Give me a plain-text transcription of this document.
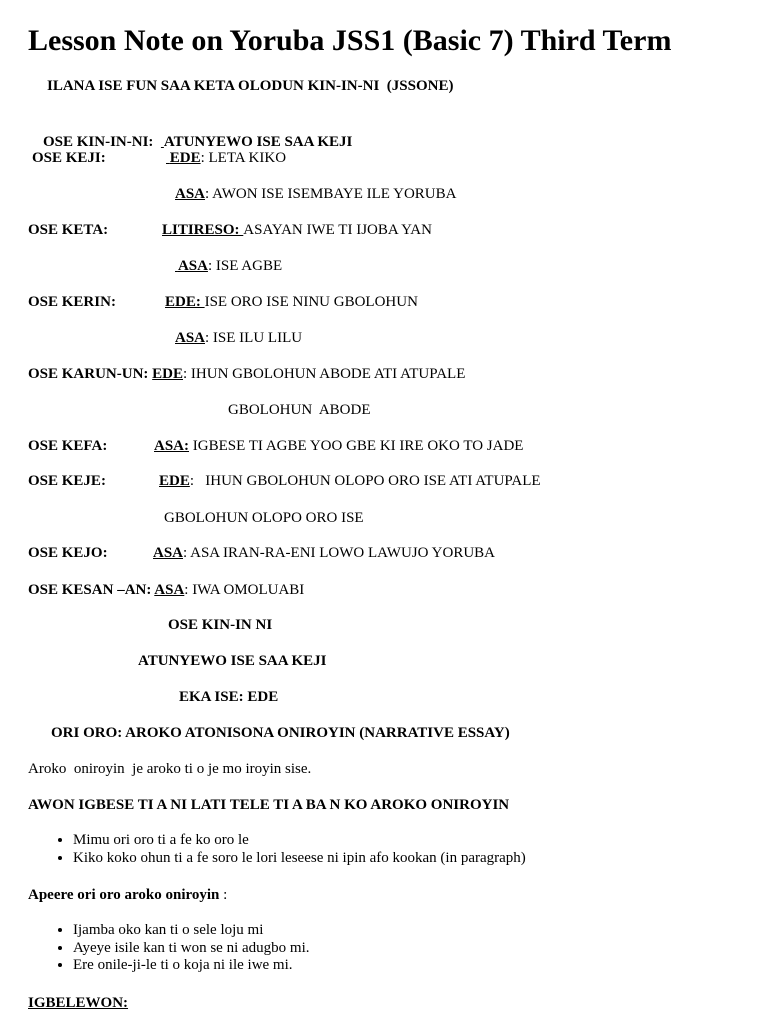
Lesson Note on Yoruba JSS1 (Basic 7) Third Term
ILANA ISE FUN SAA KETA OLODUN KIN-IN-NI  (JSSONE)

OSE KIN-IN-NI: ATUNYEWO ISE SAA KEJI

OSE KEJI:	EDE: LETA KIKO
ASA: AWON ISE ISEMBAYE ILE YORUBA
OSE KETA:	LITIRESO: ASAYAN IWE TI IJOBA YAN
ASA: ISE AGBE
OSE KERIN:	EDE: ISE ORO ISE NINU GBOLOHUN
ASA: ISE ILU LILU
OSE KARUN-UN: EDE: IHUN GBOLOHUN ABODE ATI ATUPALE
GBOLOHUN  ABODE
OSE KEFA:	ASA: IGBESE TI AGBE YOO GBE KI IRE OKO TO JADE
OSE KEJE:	EDE:   IHUN GBOLOHUN OLOPO ORO ISE ATI ATUPALE
GBOLOHUN OLOPO ORO ISE
OSE KEJO:	ASA: ASA IRAN-RA-ENI LOWO LAWUJO YORUBA
OSE KESAN –AN: ASA: IWA OMOLUABI
OSE KIN-IN NI
ATUNYEWO ISE SAA KEJI
EKA ISE: EDE
ORI ORO: AROKO ATONISONA ONIROYIN (NARRATIVE ESSAY)
Aroko  oniroyin  je aroko ti o je mo iroyin sise.
AWON IGBESE TI A NI LATI TELE TI A BA N KO AROKO ONIROYIN
• Mimu ori oro ti a fe ko oro le
• Kiko koko ohun ti a fe soro le lori leseese ni ipin afo kookan (in paragraph)
Apeere ori oro aroko oniroyin :
• Ijamba oko kan ti o sele loju mi
• Ayeye isile kan ti won se ni adugbo mi.
• Ere onile-ji-le ti o koja ni ile iwe mi.
IGBELEWON:
